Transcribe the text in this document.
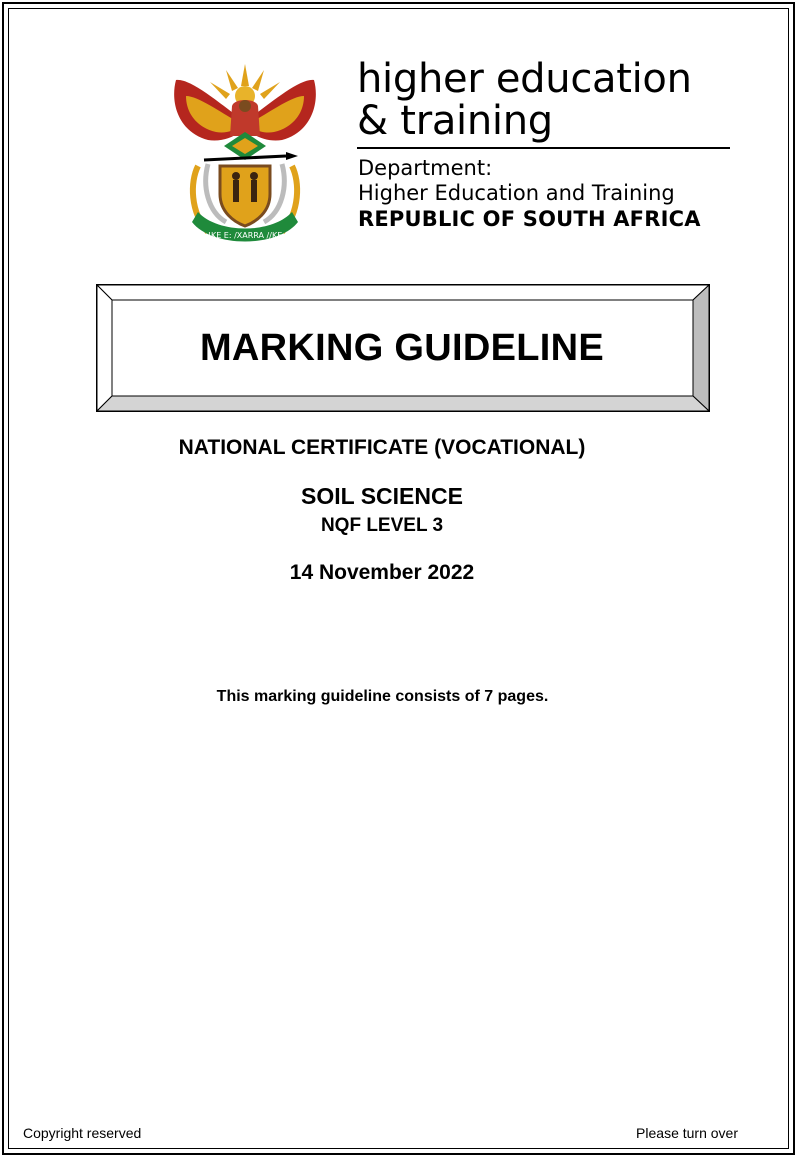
!KE E: /XARRA //KE
higher education
& training
Department:
Higher Education and Training
REPUBLIC OF SOUTH AFRICA
MARKING GUIDELINE
NATIONAL CERTIFICATE (VOCATIONAL)
SOIL SCIENCE
NQF LEVEL 3
14 November 2022
This marking guideline consists of 7 pages.
Copyright reserved	Please turn over
